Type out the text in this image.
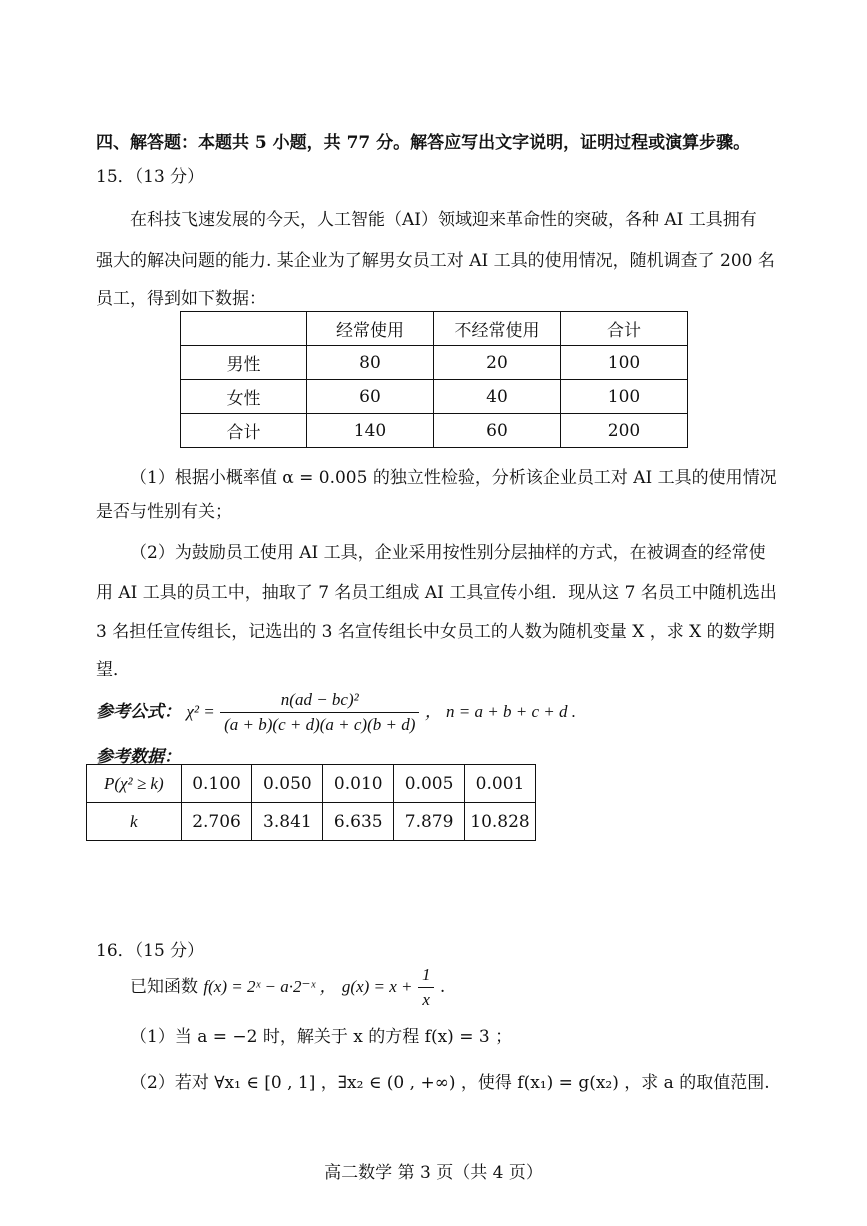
四、解答题：本题共 5 小题，共 77 分。解答应写出文字说明，证明过程或演算步骤。
15．（13 分）
在科技飞速发展的今天，人工智能（AI）领域迎来革命性的突破，各种 AI 工具拥有
强大的解决问题的能力. 某企业为了解男女员工对 AI 工具的使用情况，随机调查了 200 名
员工，得到如下数据：
	经常使用	不经常使用	合计
男性	80	20	100
女性	60	40	100
合计	140	60	200
（1）根据小概率值 α = 0.005 的独立性检验，分析该企业员工对 AI 工具的使用情况
是否与性别有关；
（2）为鼓励员工使用 AI 工具，企业采用按性别分层抽样的方式，在被调查的经常使
用 AI 工具的员工中，抽取了 7 名员工组成 AI 工具宣传小组．现从这 7 名员工中随机选出
3 名担任宣传组长，记选出的 3 名宣传组长中女员工的人数为随机变量 X ，求 X 的数学期
望．
参考公式： $\chi^2 = \frac{\text{n(ad − bc)²}}{(a + b)(c + d)(a + c)(b + d)}$ ， n = a + b + c + d .
参考数据：
P(χ² ≥ k)	0.100	0.050	0.010	0.005	0.001
k	2.706	3.841	6.635	7.879	10.828
16．（15 分）
已知函数 f(x) = 2ˣ − a·2⁻ˣ ， $g(x) = x + \frac{1}{x}$ .
（1）当 a = −2 时，解关于 x 的方程 f(x) = 3 ；
（2）若对 ∀x₁ ∈ [0 , 1] ，∃x₂ ∈ (0 , +∞) ，使得 f(x₁) = g(x₂) ，求 a 的取值范围.
高二数学 第 3 页（共 4 页）
